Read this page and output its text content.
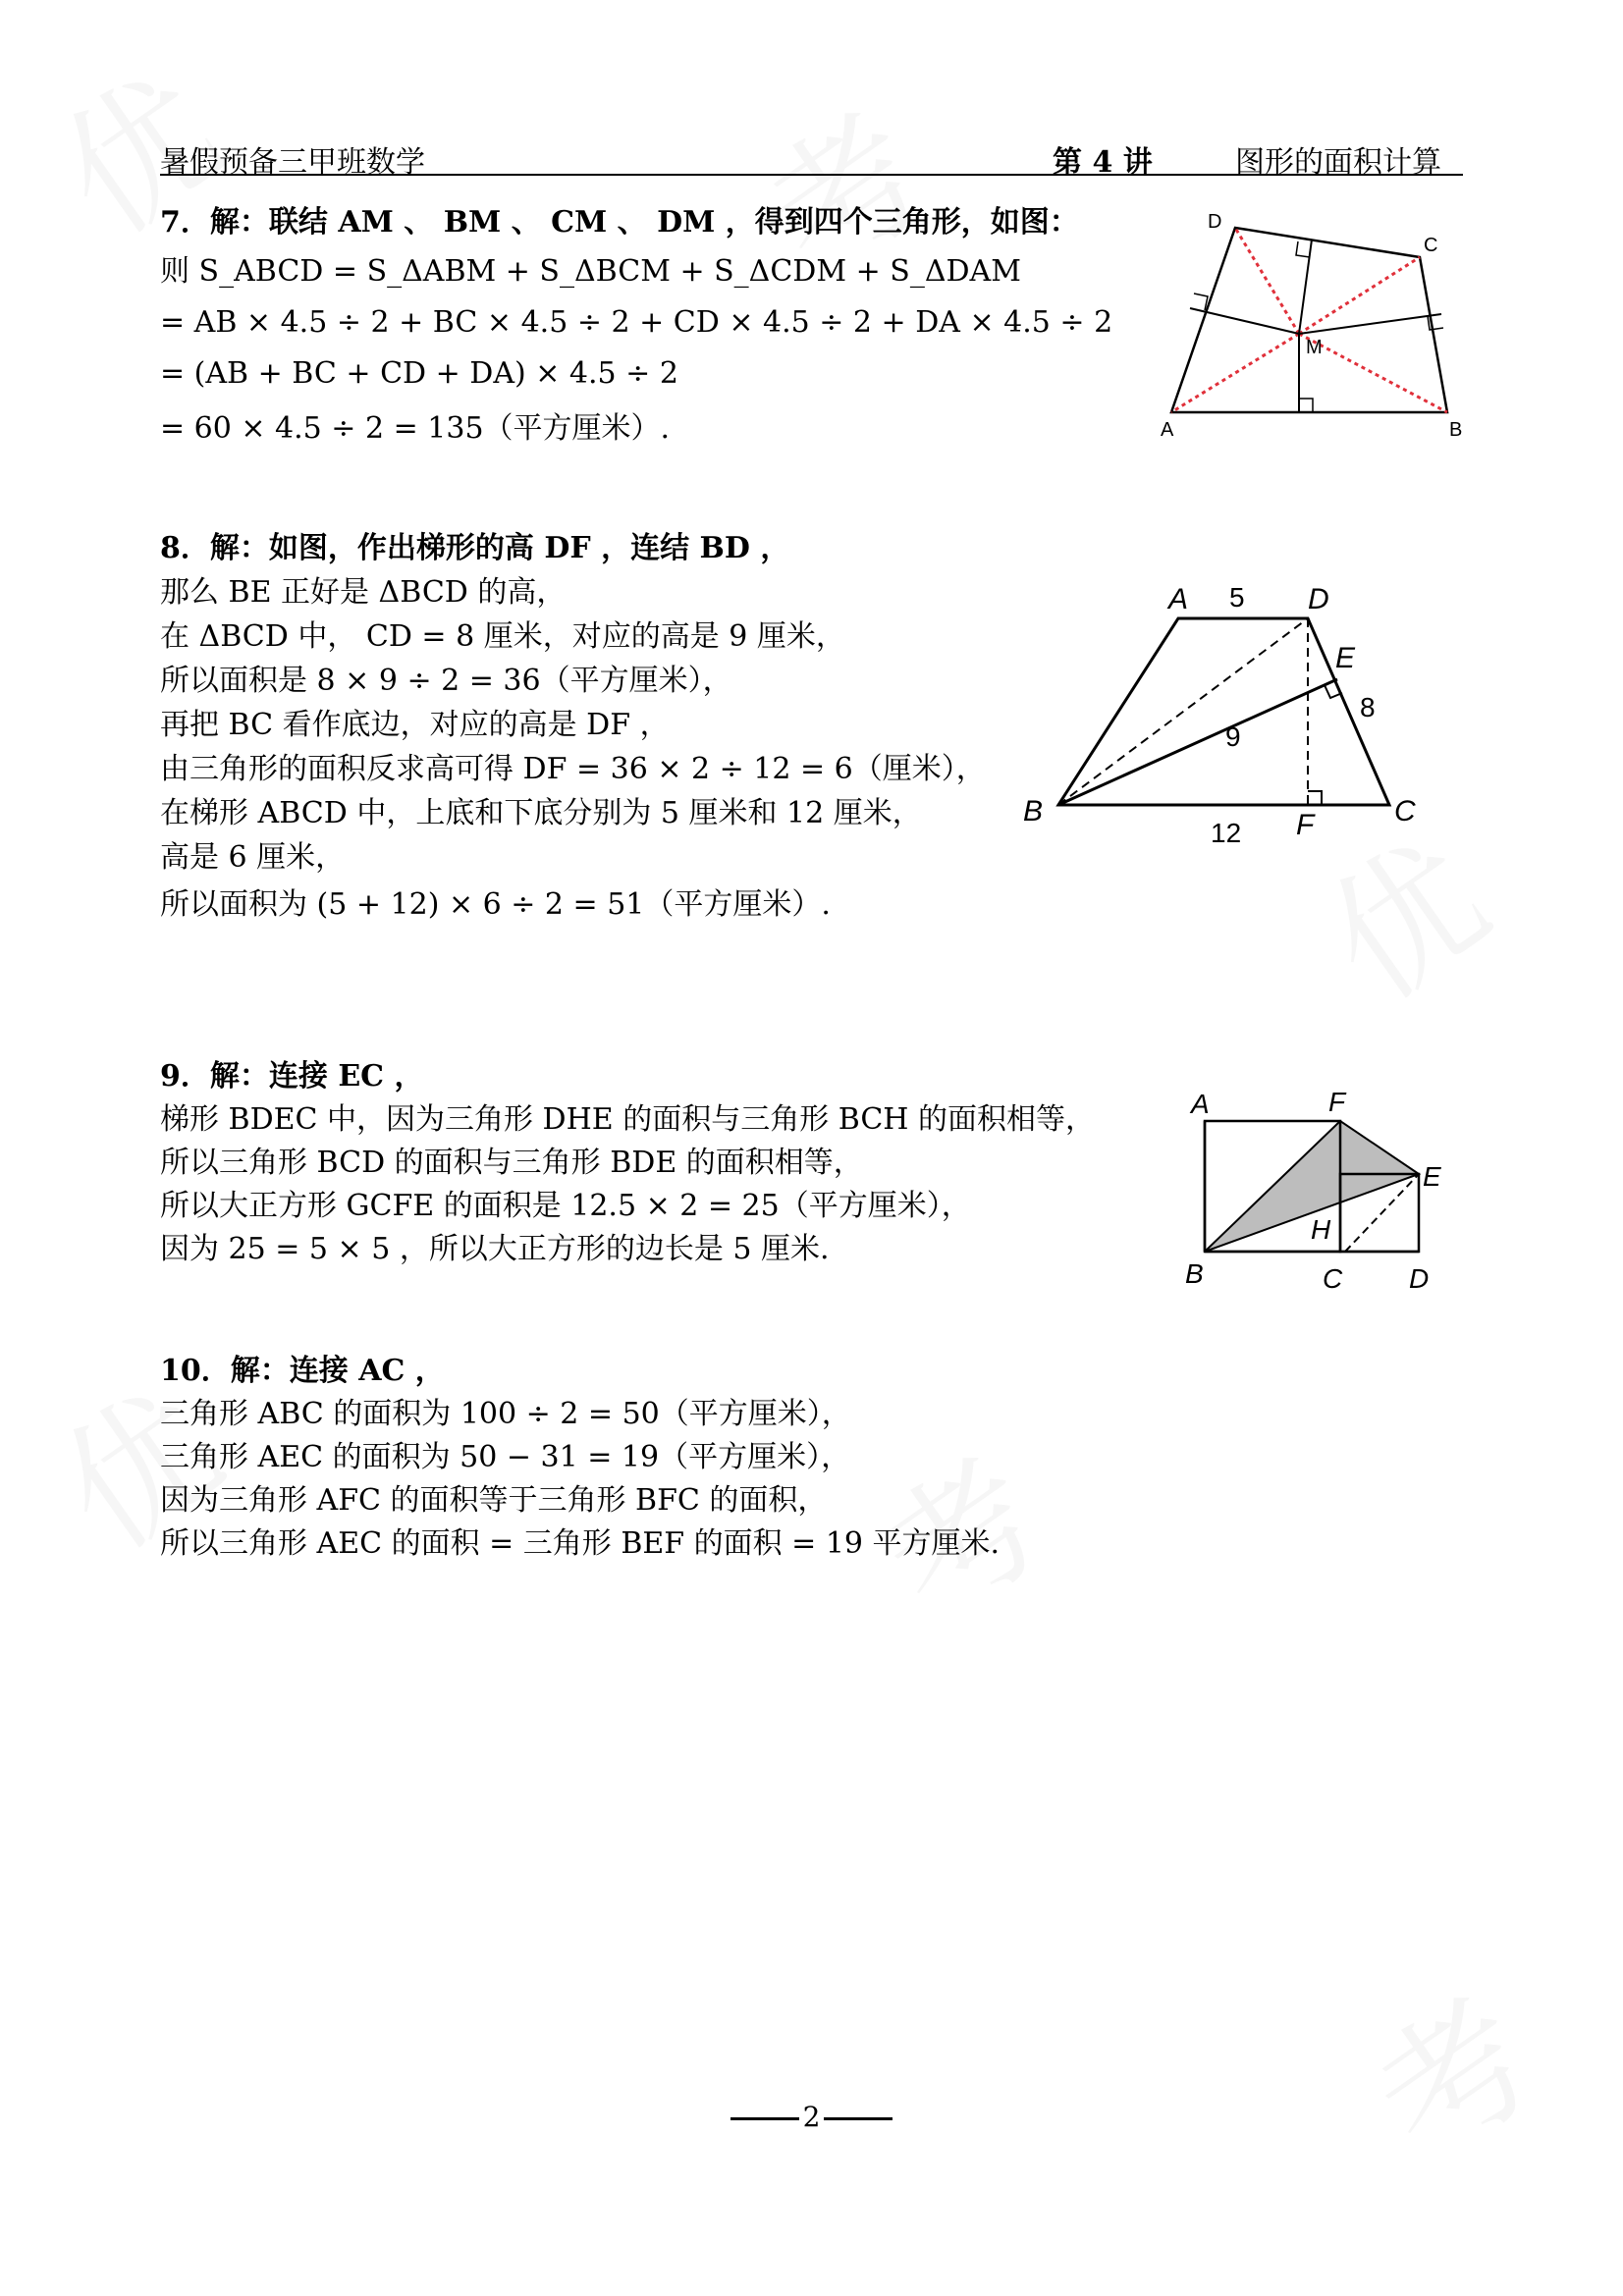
暑假预备三甲班数学	第 4 讲	图形的面积计算
7．解：联结 AM 、 BM 、 CM 、 DM ，得到四个三角形，如图：
则 S_ABCD = S_ΔABM + S_ΔBCM + S_ΔCDM + S_ΔDAM
= AB × 4.5 ÷ 2 + BC × 4.5 ÷ 2 + CD × 4.5 ÷ 2 + DA × 4.5 ÷ 2
= (AB + BC + CD + DA) × 4.5 ÷ 2
= 60 × 4.5 ÷ 2 = 135（平方厘米）.	A	B
C
D
M
8．解：如图，作出梯形的高 DF ，连结 BD ，
那么 BE 正好是 ΔBCD 的高，
在 ΔBCD 中， CD = 8 厘米，对应的高是 9 厘米，
所以面积是 8 × 9 ÷ 2 = 36（平方厘米），
再把 BC 看作底边，对应的高是 DF ，
由三角形的面积反求高可得 DF = 36 × 2 ÷ 12 = 6（厘米），
在梯形 ABCD 中，上底和下底分别为 5 厘米和 12 厘米，
高是 6 厘米，
所以面积为 (5 + 12) × 6 ÷ 2 = 51（平方厘米）.
A 5 D
E
8
9
B	C
12 F
9．解：连接 EC ，
梯形 BDEC 中，因为三角形 DHE 的面积与三角形 BCH 的面积相等，
所以三角形 BCD 的面积与三角形 BDE 的面积相等，
所以大正方形 GCFE 的面积是 12.5 × 2 = 25（平方厘米），
因为 25 = 5 × 5 ，所以大正方形的边长是 5 厘米.
A	F
E
H
B	C D
10．解：连接 AC ，
三角形 ABC 的面积为 100 ÷ 2 = 50（平方厘米），
三角形 AEC 的面积为 50 − 31 = 19（平方厘米），
因为三角形 AFC 的面积等于三角形 BFC 的面积，
所以三角形 AEC 的面积 = 三角形 BEF 的面积 = 19 平方厘米.
2
